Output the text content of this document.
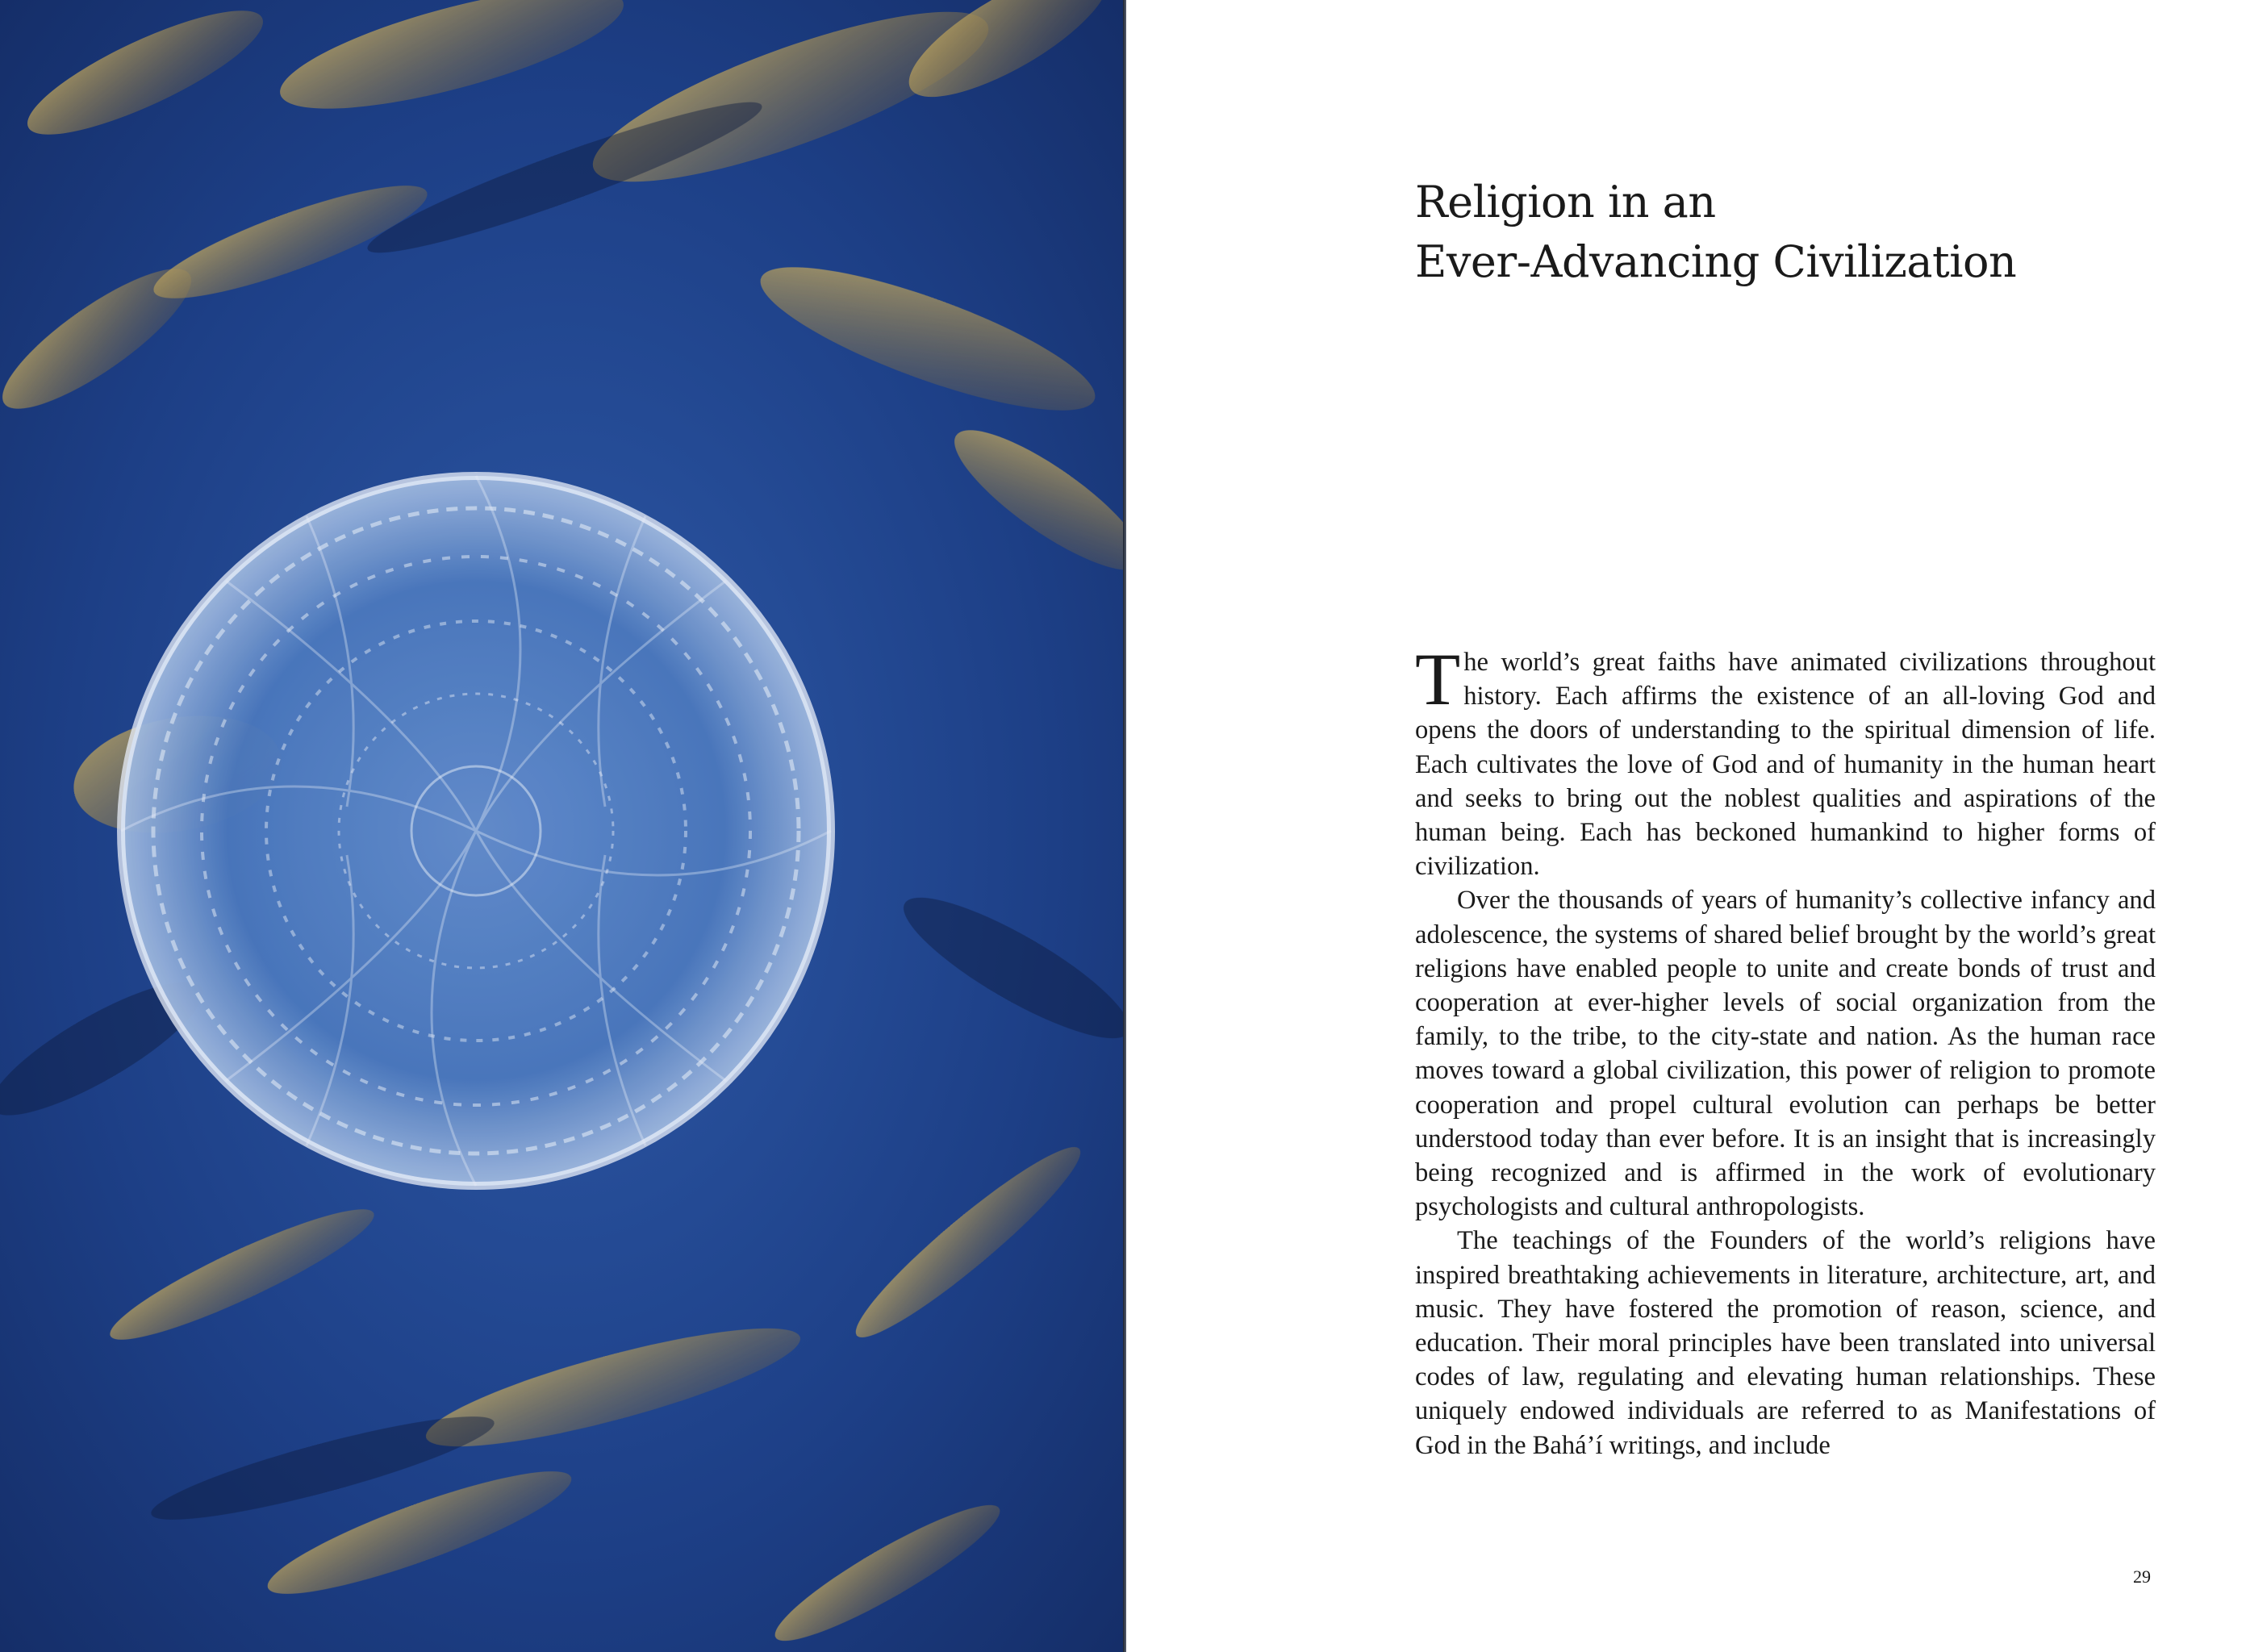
Religion in an
Ever-Advancing Civilization

The world’s great faiths have animated civilizations throughout history. Each affirms the existence of an all-loving God and opens the doors of understanding to the spiritual dimension of life. Each cultivates the love of God and of humanity in the human heart and seeks to bring out the noblest qualities and aspirations of the human being. Each has beckoned humankind to higher forms of civilization.

Over the thousands of years of humanity’s collective infancy and adolescence, the systems of shared belief brought by the world’s great religions have enabled people to unite and create bonds of trust and cooperation at ever-higher levels of social organization from the family, to the tribe, to the city-state and nation. As the human race moves toward a global civilization, this power of religion to promote cooperation and propel cultural evolution can perhaps be better understood today than ever before. It is an insight that is increasingly being recognized and is affirmed in the work of evolutionary psychologists and cultural anthropologists.

The teachings of the Founders of the world’s religions have inspired breathtaking achievements in literature, architecture, art, and music. They have fostered the promotion of reason, science, and education. Their moral principles have been translated into universal codes of law, regulating and elevating human relationships. These uniquely endowed individuals are referred to as Manifestations of God in the Bahá’í writings, and include

29
